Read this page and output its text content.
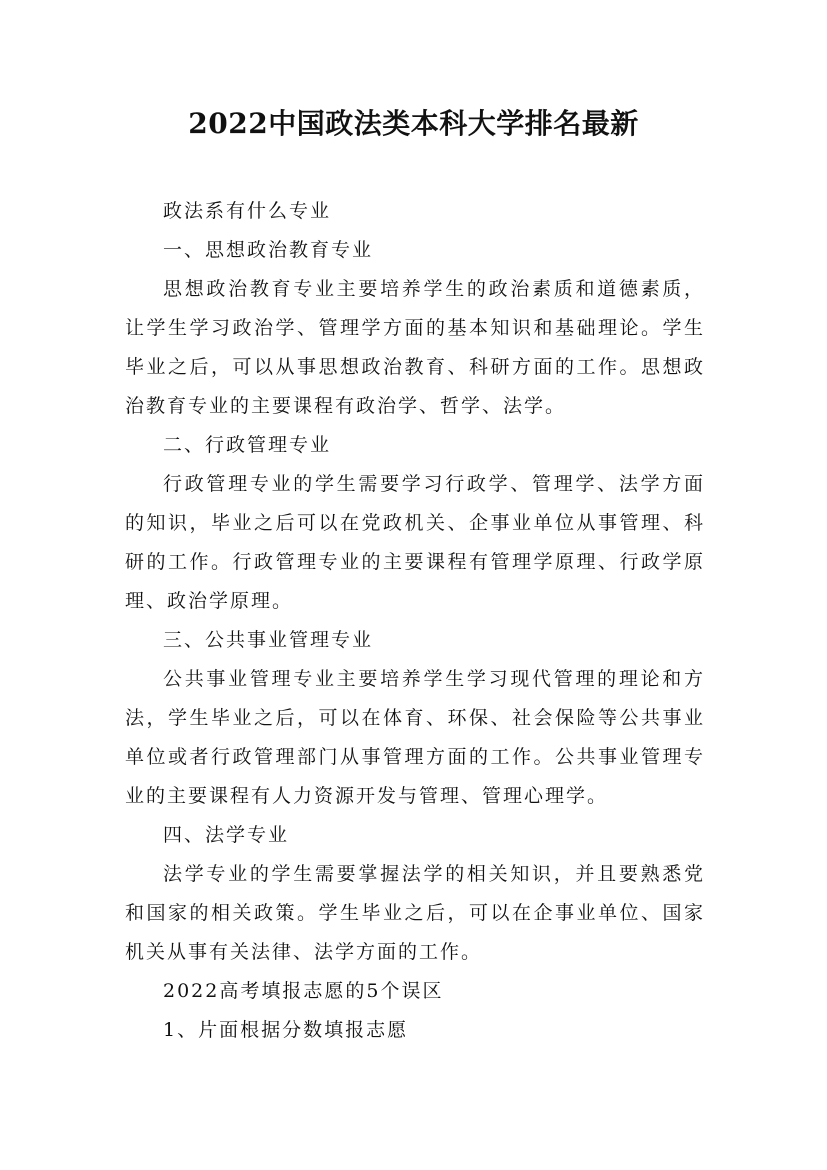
2022中国政法类本科大学排名最新

政法系有什么专业

一、思想政治教育专业

思想政治教育专业主要培养学生的政治素质和道德素质，让学生学习政治学、管理学方面的基本知识和基础理论。学生毕业之后，可以从事思想政治教育、科研方面的工作。思想政治教育专业的主要课程有政治学、哲学、法学。

二、行政管理专业

行政管理专业的学生需要学习行政学、管理学、法学方面的知识，毕业之后可以在党政机关、企事业单位从事管理、科研的工作。行政管理专业的主要课程有管理学原理、行政学原理、政治学原理。

三、公共事业管理专业

公共事业管理专业主要培养学生学习现代管理的理论和方法，学生毕业之后，可以在体育、环保、社会保险等公共事业单位或者行政管理部门从事管理方面的工作。公共事业管理专业的主要课程有人力资源开发与管理、管理心理学。

四、法学专业

法学专业的学生需要掌握法学的相关知识，并且要熟悉党和国家的相关政策。学生毕业之后，可以在企事业单位、国家机关从事有关法律、法学方面的工作。

2022高考填报志愿的5个误区

1、片面根据分数填报志愿
